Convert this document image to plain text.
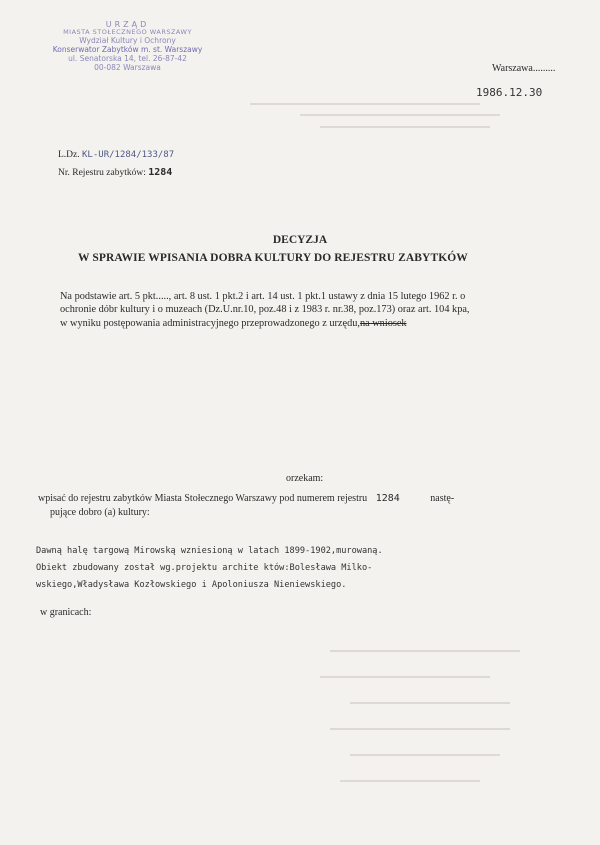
URZĄD
MIASTA STOŁECZNEGO WARSZAWY
Wydział Kultury i Ochrony
Konserwator Zabytków m. st. Warszawy
ul. Senatorska 14, tel. 26-87-42
00-082 Warszawa	Warszawa.........
1986.12.30
L.Dz. KL-UR/1284/133/87
Nr. Rejestru zabytków: 1284
DECYZJA
W SPRAWIE WPISANIA DOBRA KULTURY DO REJESTRU ZABYTKÓW
Na podstawie art. 5 pkt....., art. 8 ust. 1 pkt.2 i art. 14 ust. 1 pkt.1 ustawy z dnia 15 lutego 1962 r. o
ochronie dóbr kultury i o muzeach (Dz.U.nr.10, poz.48 i z 1983 r. nr.38, poz.173) oraz art. 104 kpa,
w wyniku postępowania administracyjnego przeprowadzonego z urzędu,na wniosek
orzekam:
wpisać do rejestru zabytków Miasta Stołecznego Warszawy pod numerem rejestru 1284	nastę-
pujące dobro (a) kultury:
Dawną halę targową Mirowską wzniesioną w latach 1899-1902,murowaną.
Obiekt zbudowany został wg.projektu archite któw:Bolesława Milko-
wskiego,Władysława Kozłowskiego i Apoloniusza Nieniewskiego.
w granicach:
